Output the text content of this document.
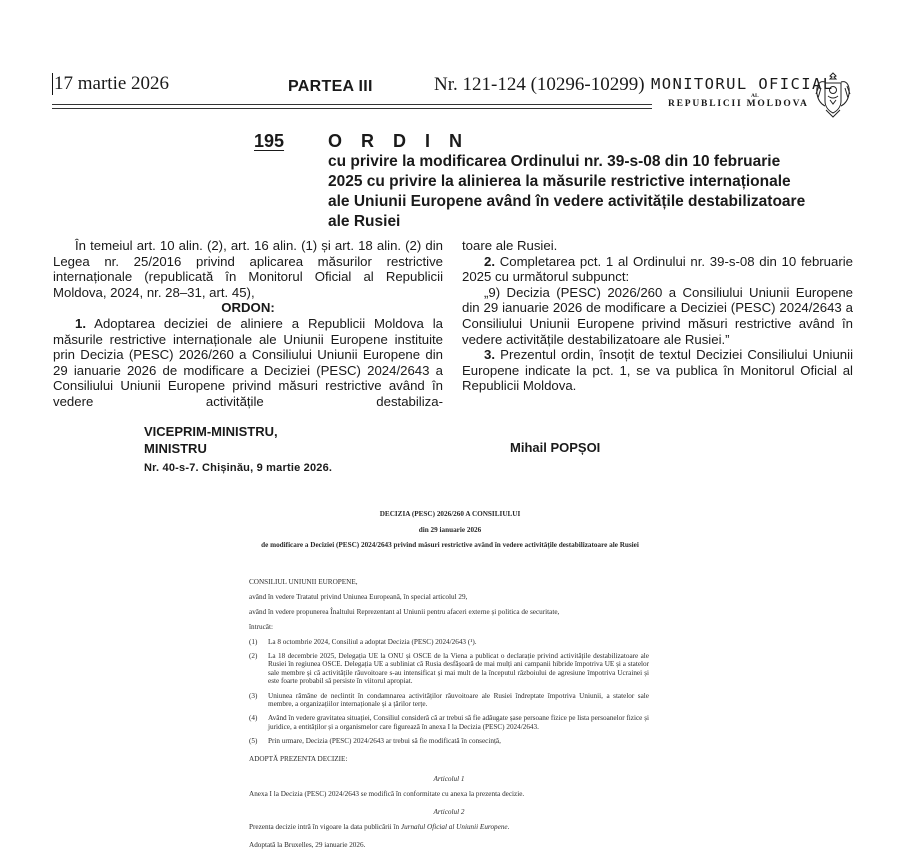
17 martie 2026	PARTEA III	Nr. 121-124 (10296-10299) MONITORUL OFICIAL
AL
REPUBLICII MOLDOVA
195 O R D I N
cu privire la modificarea Ordinului nr. 39-s-08 din 10 februarie 2025 cu privire la alinierea la măsurile restrictive internaționale ale Uniunii Europene având în vedere activitățile destabilizatoare ale Rusiei

În temeiul art. 10 alin. (2), art. 16 alin. (1) și art. 18 alin. (2) din Legea nr. 25/2016 privind aplicarea măsurilor restrictive internaționale (republicată în Monitorul Oficial al Republicii Moldova, 2024, nr. 28–31, art. 45),

ORDON:

1. Adoptarea deciziei de aliniere a Republicii Moldova la măsurile restrictive internaționale ale Uniunii Europene instituite prin Decizia (PESC) 2026/260 a Consiliului Uniunii Europene din 29 ianuarie 2026 de modificare a Deciziei (PESC) 2024/2643 a Consiliului Uniunii Europene privind măsuri restrictive având în vedere activitățile destabiliza-

toare ale Rusiei.

2. Completarea pct. 1 al Ordinului nr. 39-s-08 din 10 februarie 2025 cu următorul subpunct:

„9) Decizia (PESC) 2026/260 a Consiliului Uniunii Europene din 29 ianuarie 2026 de modificare a Deciziei (PESC) 2024/2643 a Consiliului Uniunii Europene privind măsuri restrictive având în vedere activitățile destabilizatoare ale Rusiei.”

3. Prezentul ordin, însoțit de textul Deciziei Consiliului Uniunii Europene indicate la pct. 1, se va publica în Monitorul Oficial al Republicii Moldova.

VICEPRIM-MINISTRU,
MINISTRU	Mihail POPȘOI
Nr. 40-s-7. Chișinău, 9 martie 2026.
DECIZIA (PESC) 2026/260 A CONSILIULUI
din 29 ianuarie 2026
de modificare a Deciziei (PESC) 2024/2643 privind măsuri restrictive având în vedere activitățile destabilizatoare ale Rusiei

CONSILIUL UNIUNII EUROPENE,

având în vedere Tratatul privind Uniunea Europeană, în special articolul 29,

având în vedere propunerea Înaltului Reprezentant al Uniunii pentru afaceri externe și politica de securitate,

întrucât:

(1)	La 8 octombrie 2024, Consiliul a adoptat Decizia (PESC) 2024/2643 (¹).
(2)	La 18 decembrie 2025, Delegația UE la ONU și OSCE de la Viena a publicat o declarație privind activitățile destabilizatoare ale Rusiei în regiunea OSCE. Delegația UE a subliniat că Rusia desfășoară de mai mulți ani campanii hibride împotriva UE și a statelor sale membre și că activitățile răuvoitoare s-au intensificat și mai mult de la începutul războiului de agresiune împotriva Ucrainei și este foarte probabil să persiste în viitorul apropiat.
(3)	Uniunea rămâne de neclintit în condamnarea activităților răuvoitoare ale Rusiei îndreptate împotriva Uniunii, a statelor sale membre, a organizațiilor internaționale și a țărilor terțe.
(4)	Având în vedere gravitatea situației, Consiliul consideră că ar trebui să fie adăugate șase persoane fizice pe lista persoanelor fizice și juridice, a entităților și a organismelor care figurează în anexa I la Decizia (PESC) 2024/2643.
(5)	Prin urmare, Decizia (PESC) 2024/2643 ar trebui să fie modificată în consecință,

ADOPTĂ PREZENTA DECIZIE:

Articolul 1

Anexa I la Decizia (PESC) 2024/2643 se modifică în conformitate cu anexa la prezenta decizie.

Articolul 2

Prezenta decizie intră în vigoare la data publicării în Jurnalul Oficial al Uniunii Europene.

Adoptată la Bruxelles, 29 ianuarie 2026.
